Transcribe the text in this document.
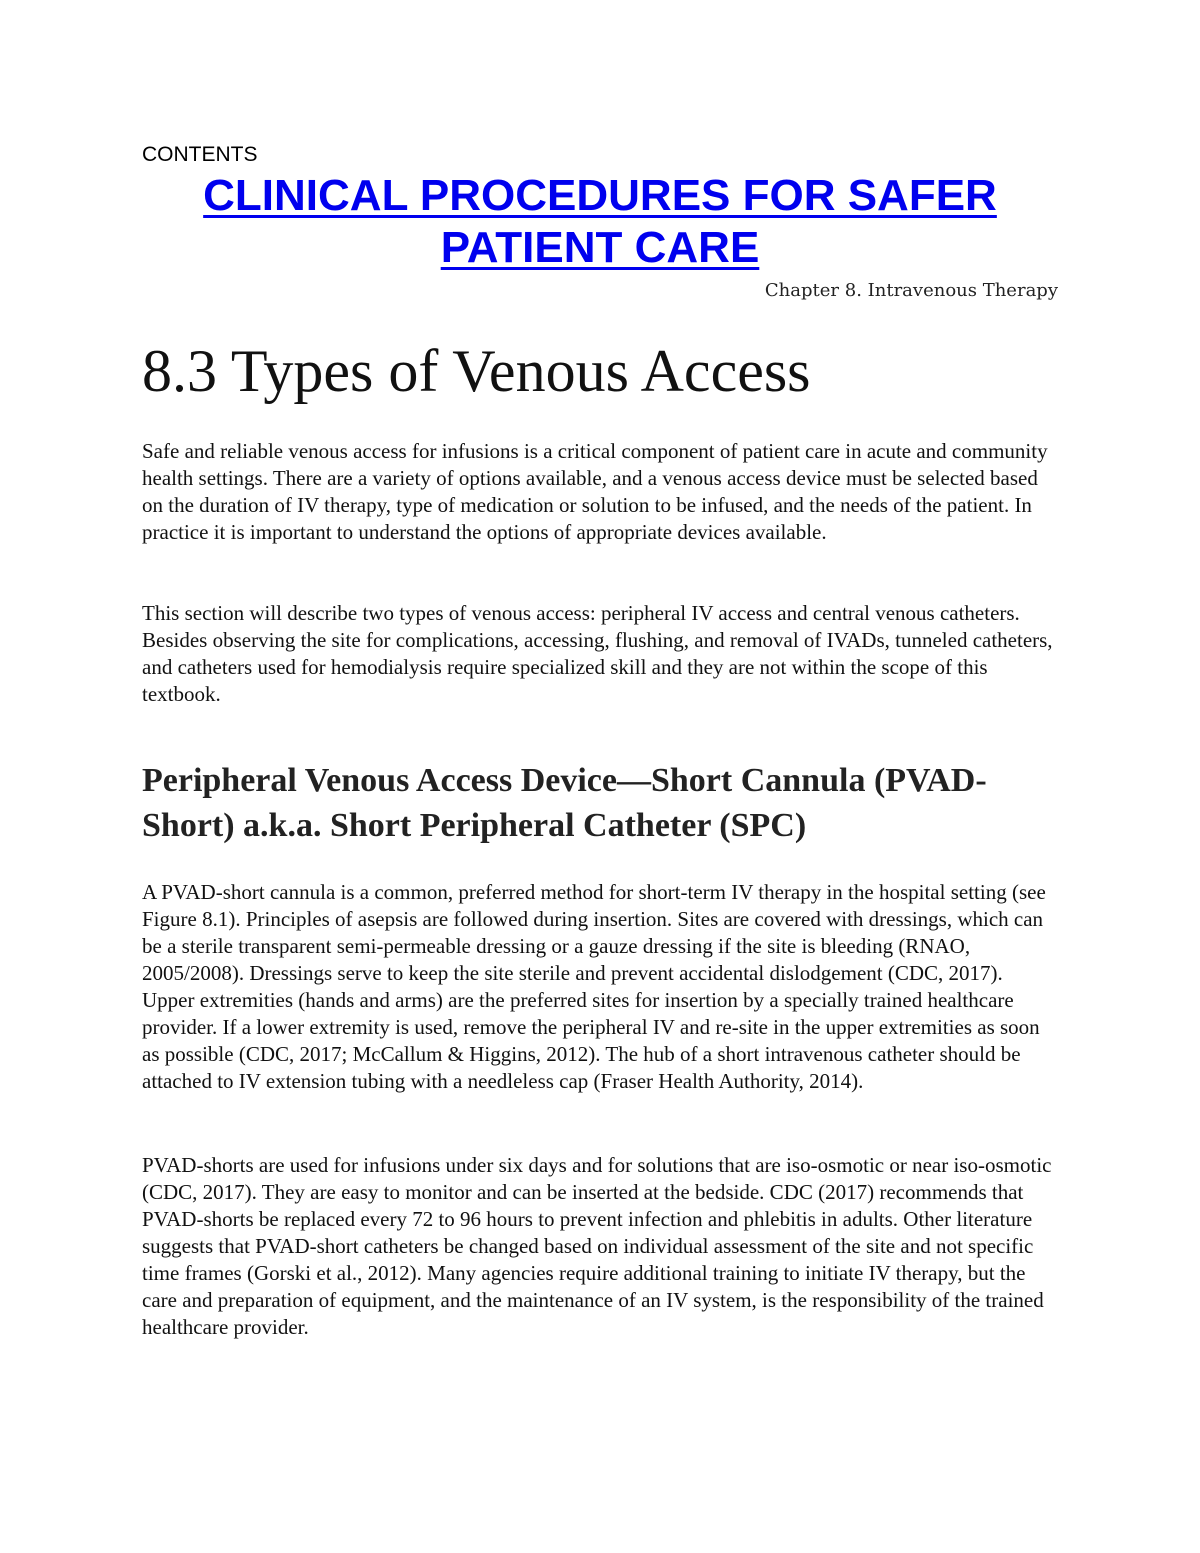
CONTENTS

CLINICAL PROCEDURES FOR SAFER
PATIENT CARE

Chapter 8. Intravenous Therapy

8.3 Types of Venous Access

Safe and reliable venous access for infusions is a critical component of patient care in acute and community health settings. There are a variety of options available, and a venous access device must be selected based on the duration of IV therapy, type of medication or solution to be infused, and the needs of the patient. In practice it is important to understand the options of appropriate devices available.

This section will describe two types of venous access: peripheral IV access and central venous catheters. Besides observing the site for complications, accessing, flushing, and removal of IVADs, tunneled catheters, and catheters used for hemodialysis require specialized skill and they are not within the scope of this textbook.

Peripheral Venous Access Device—Short Cannula (PVAD-Short) a.k.a. Short Peripheral Catheter (SPC)

A PVAD-short cannula is a common, preferred method for short-term IV therapy in the hospital setting (see Figure 8.1). Principles of asepsis are followed during insertion. Sites are covered with dressings, which can be a sterile transparent semi-permeable dressing or a gauze dressing if the site is bleeding (RNAO, 2005/2008). Dressings serve to keep the site sterile and prevent accidental dislodgement (CDC, 2017). Upper extremities (hands and arms) are the preferred sites for insertion by a specially trained healthcare provider. If a lower extremity is used, remove the peripheral IV and re-site in the upper extremities as soon as possible (CDC, 2017; McCallum & Higgins, 2012). The hub of a short intravenous catheter should be attached to IV extension tubing with a needleless cap (Fraser Health Authority, 2014).

PVAD-shorts are used for infusions under six days and for solutions that are iso-osmotic or near iso-osmotic (CDC, 2017). They are easy to monitor and can be inserted at the bedside. CDC (2017) recommends that PVAD-shorts be replaced every 72 to 96 hours to prevent infection and phlebitis in adults. Other literature suggests that PVAD-short catheters be changed based on individual assessment of the site and not specific time frames (Gorski et al., 2012). Many agencies require additional training to initiate IV therapy, but the care and preparation of equipment, and the maintenance of an IV system, is the responsibility of the trained healthcare provider.
